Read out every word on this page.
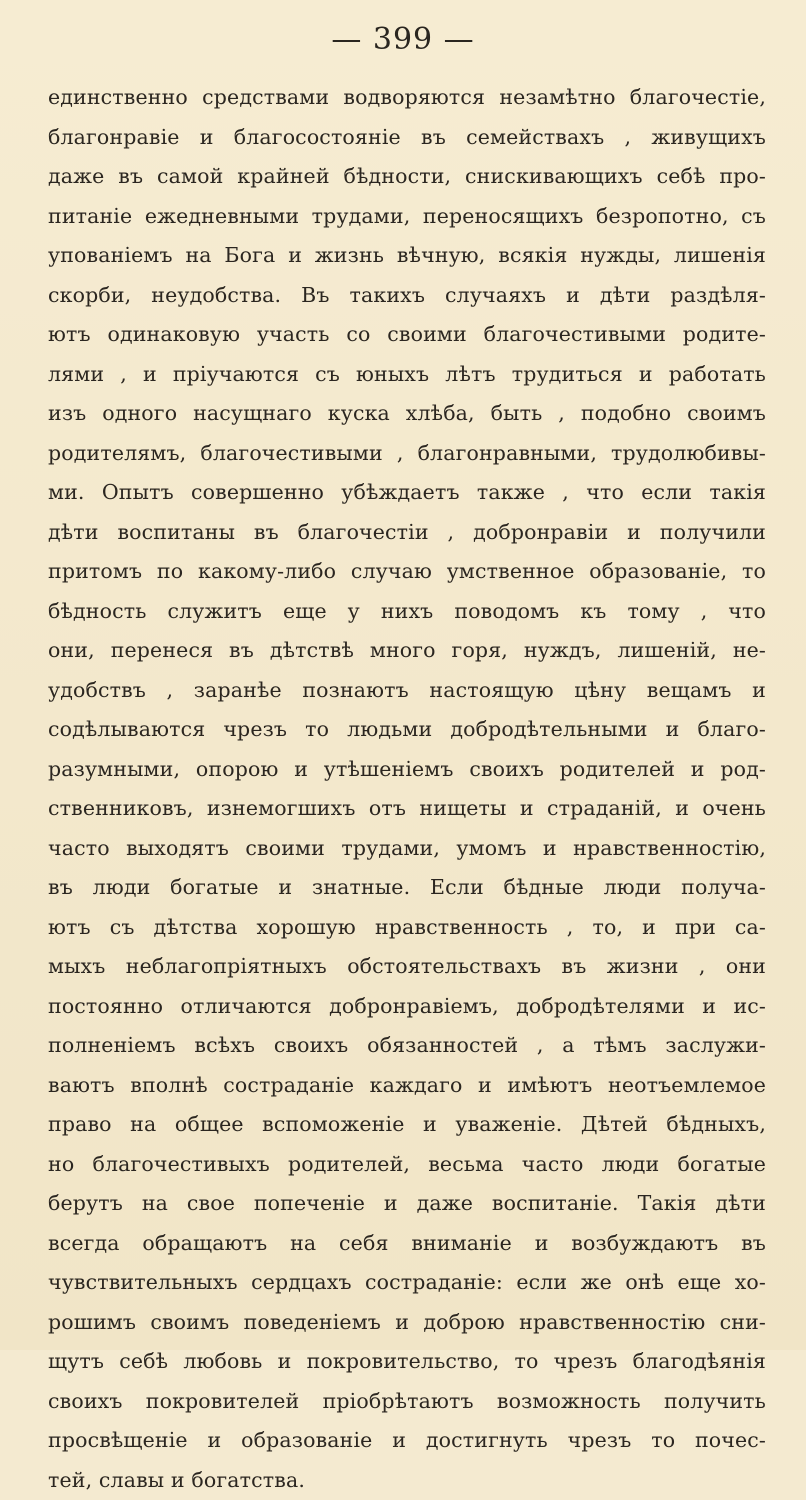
— 399 —
единственно средствами водворяются незамѣтно благочестіе,
благонравіе и благосостояніе въ семействахъ , живущихъ
даже въ самой крайней бѣдности, снискивающихъ себѣ про-
питаніе ежедневными трудами, переносящихъ безропотно, съ
упованіемъ на Бога и жизнь вѣчную, всякія нужды, лишенія
скорби, неудобства. Въ такихъ случаяхъ и дѣти раздѣля-
ютъ одинаковую участь со своими благочестивыми родите-
лями , и пріучаются съ юныхъ лѣтъ трудиться и работать
изъ одного насущнаго куска хлѣба, быть , подобно своимъ
родителямъ, благочестивыми , благонравными, трудолюбивы-
ми. Опытъ совершенно убѣждаетъ также , что если такія
дѣти воспитаны въ благочестіи , добронравіи и получили
притомъ по какому-либо случаю умственное образованіе, то
бѣдность служитъ еще у нихъ поводомъ къ тому , что
они, перенеся въ дѣтствѣ много горя, нуждъ, лишеній, не-
удобствъ , заранѣе познаютъ настоящую цѣну вещамъ и
содѣлываются чрезъ то людьми добродѣтельными и благо-
разумными, опорою и утѣшеніемъ своихъ родителей и род-
ственниковъ, изнемогшихъ отъ нищеты и страданій, и очень
часто выходятъ своими трудами, умомъ и нравственностію,
въ люди богатые и знатные. Если бѣдные люди получа-
ютъ съ дѣтства хорошую нравственность , то, и при са-
мыхъ неблагопріятныхъ обстоятельствахъ въ жизни , они
постоянно отличаются добронравіемъ, добродѣтелями и ис-
полненіемъ всѣхъ своихъ обязанностей , а тѣмъ заслужи-
ваютъ вполнѣ состраданіе каждаго и имѣютъ неотъемлемое
право на общее вспоможеніе и уваженіе. Дѣтей бѣдныхъ,
но благочестивыхъ родителей, весьма часто люди богатые
берутъ на свое попеченіе и даже воспитаніе. Такія дѣти
всегда обращаютъ на себя вниманіе и возбуждаютъ въ
чувствительныхъ сердцахъ состраданіе: если же онѣ еще хо-
рошимъ своимъ поведеніемъ и доброю нравственностію сни-
щутъ себѣ любовь и покровительство, то чрезъ благодѣянія
своихъ покровителей пріобрѣтаютъ возможность получить
просвѣщеніе и образованіе и достигнуть чрезъ то почес-
тей, славы и богатства.
